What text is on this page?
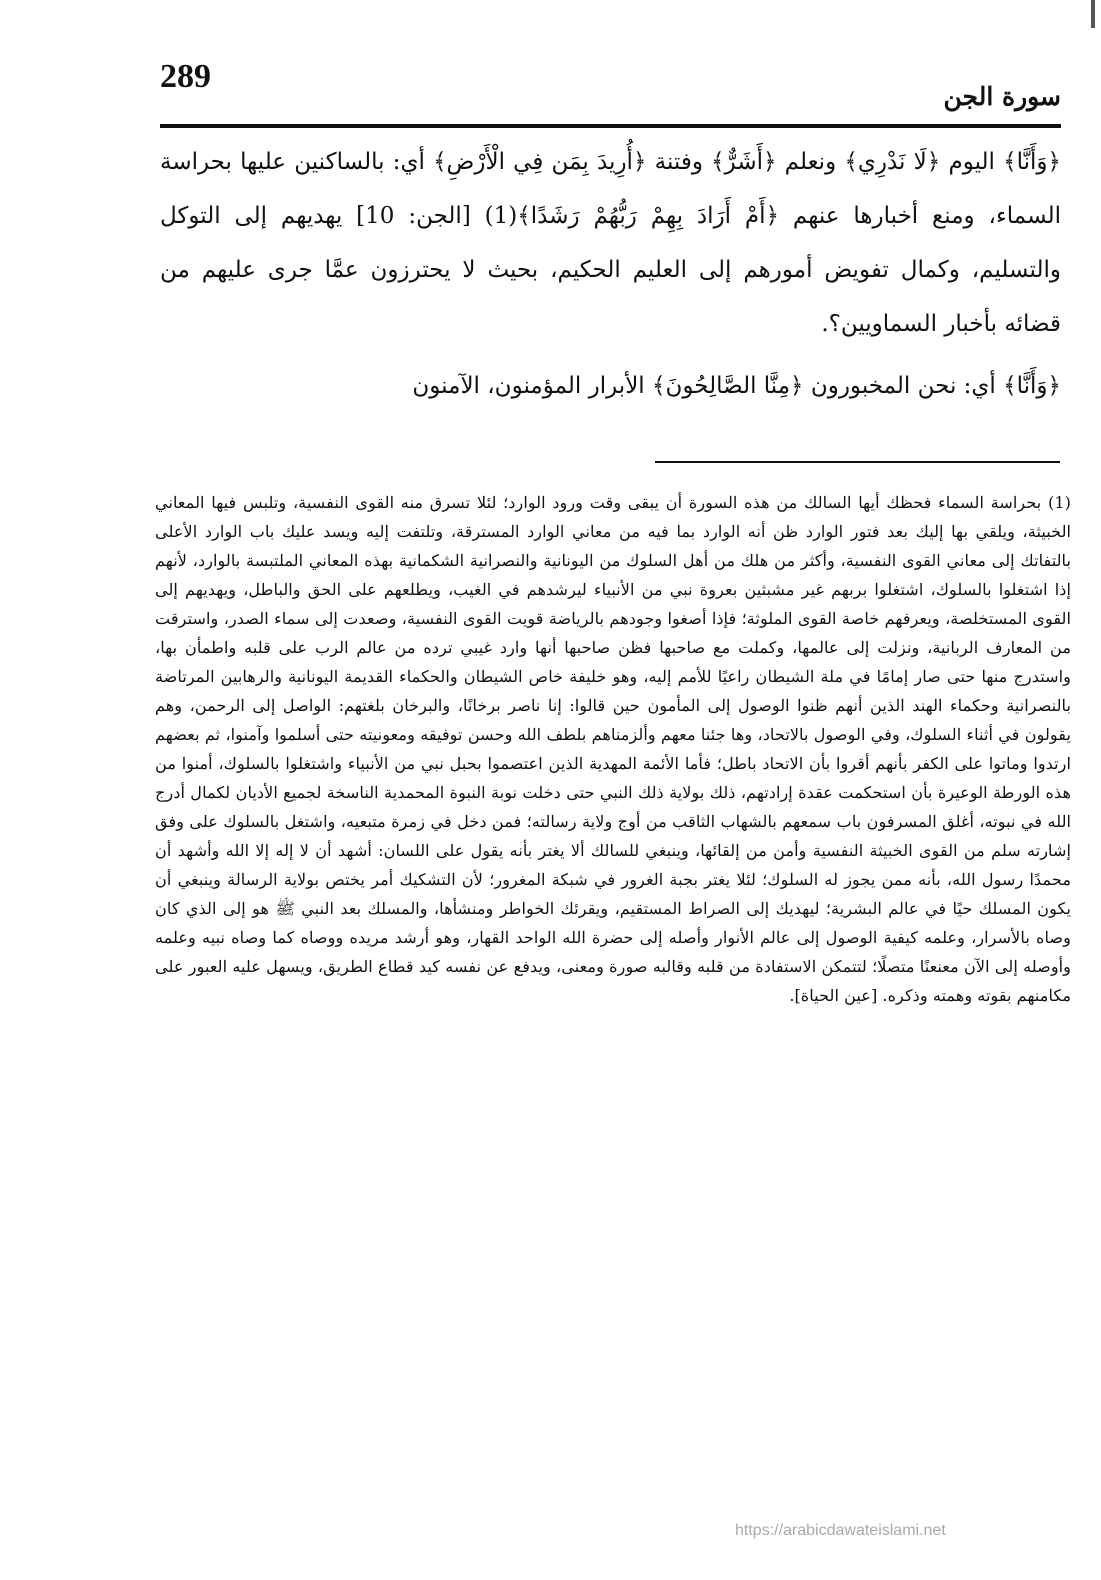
289
سورة الجن

﴿وَأَنَّا﴾ اليوم ﴿لَا نَدْرِي﴾ ونعلم ﴿أَشَرٌّ﴾ وفتنة ﴿أُرِيدَ بِمَن فِي الْأَرْضِ﴾ أي: بالساكنين عليها بحراسة السماء، ومنع أخبارها عنهم ﴿أَمْ أَرَادَ بِهِمْ رَبُّهُمْ رَشَدًا﴾(1) [الجن: 10] يهديهم إلى التوكل والتسليم، وكمال تفويض أمورهم إلى العليم الحكيم، بحيث لا يحترزون عمَّا جرى عليهم من قضائه بأخبار السماويين؟.

﴿وَأَنَّا﴾ أي: نحن المخبورون ﴿مِنَّا الصَّالِحُونَ﴾ الأبرار المؤمنون، الآمنون

(1) بحراسة السماء فحظك أيها السالك من هذه السورة أن يبقى وقت ورود الوارد؛ لئلا تسرق منه القوى النفسية، وتلبس فيها المعاني الخبيثة، ويلقي بها إليك بعد فتور الوارد ظن أنه الوارد بما فيه من معاني الوارد المسترقة، وتلتفت إليه ويسد عليك باب الوارد الأعلى بالتفاتك إلى معاني القوى النفسية، وأكثر من هلك من أهل السلوك من اليونانية والنصرانية الشكمانية بهذه المعاني الملتبسة بالوارد، لأنهم إذا اشتغلوا بالسلوك، اشتغلوا بربهم غير مشبثين بعروة نبي من الأنبياء ليرشدهم في الغيب، ويطلعهم على الحق والباطل، ويهديهم إلى القوى المستخلصة، ويعرفهم خاصة القوى الملوثة؛ فإذا أصغوا وجودهم بالرياضة قويت القوى النفسية، وصعدت إلى سماء الصدر، واسترقت من المعارف الربانية، ونزلت إلى عالمها، وكملت مع صاحبها فظن صاحبها أنها وارد غيبي ترده من عالم الرب على قلبه واطمأن بها، واستدرج منها حتى صار إمامًا في ملة الشيطان راعيًا للأمم إليه، وهو خليفة خاص الشيطان والحكماء القديمة اليونانية والرهابين المرتاضة بالنصرانية وحكماء الهند الذين أنهم ظنوا الوصول إلى المأمون حين قالوا: إنا ناصر برخانًا، والبرخان بلغتهم: الواصل إلى الرحمن، وهم يقولون في أثناء السلوك، وفي الوصول بالاتحاد، وها جئنا معهم وألزمناهم بلطف الله وحسن توفيقه ومعونيته حتى أسلموا وآمنوا، ثم بعضهم ارتدوا وماتوا على الكفر بأنهم أقروا بأن الاتحاد باطل؛ فأما الأئمة المهدية الذين اعتصموا بحبل نبي من الأنبياء واشتغلوا بالسلوك، أمنوا من هذه الورطة الوعيرة بأن استحكمت عقدة إرادتهم، ذلك بولاية ذلك النبي حتى دخلت نوبة النبوة المحمدية الناسخة لجميع الأديان لكمال أدرج الله في نبوته، أغلق المسرفون باب سمعهم بالشهاب الثاقب من أوج ولاية رسالته؛ فمن دخل في زمرة متبعيه، واشتغل بالسلوك على وفق إشارته سلم من القوى الخبيثة النفسية وأمن من إلقائها، وينبغي للسالك ألا يغتر بأنه يقول على اللسان: أشهد أن لا إله إلا الله وأشهد أن محمدًا رسول الله، بأنه ممن يجوز له السلوك؛ لئلا يغتر بجبة الغرور في شبكة المغرور؛ لأن التشكيك أمر يختص بولاية الرسالة وينبغي أن يكون المسلك حيًا في عالم البشرية؛ ليهديك إلى الصراط المستقيم، ويقرئك الخواطر ومنشأها، والمسلك بعد النبي ﷺ هو إلى الذي كان وصاه بالأسرار، وعلمه كيفية الوصول إلى عالم الأنوار وأصله إلى حضرة الله الواحد القهار، وهو أرشد مريده ووصاه كما وصاه نبيه وعلمه وأوصله إلى الآن معنعنًا متصلًا؛ لتتمكن الاستفادة من قلبه وقالبه صورة ومعنى، ويدفع عن نفسه كيد قطاع الطريق، ويسهل عليه العبور على مكامنهم بقوته وهمته وذكره. [عين الحياة].

https://arabicdawateislami.net
